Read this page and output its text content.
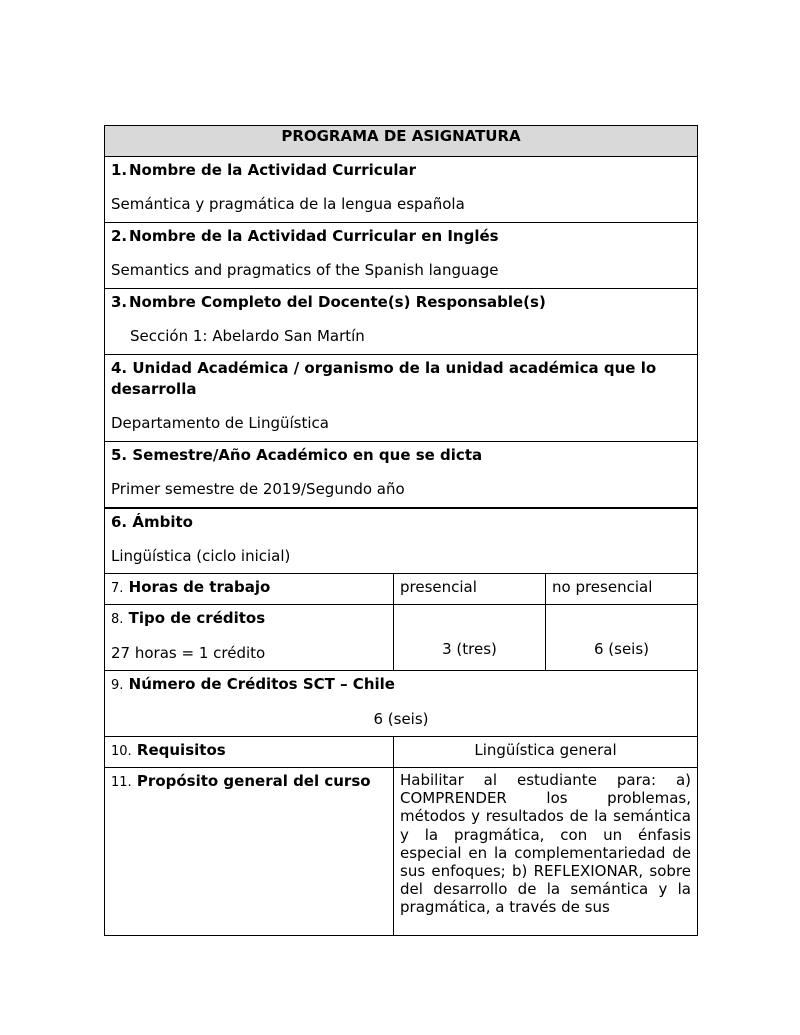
PROGRAMA DE ASIGNATURA		

1. Nombre de la Actividad Curricular
Semántica y pragmática de la lengua española		

2. Nombre de la Actividad Curricular en Inglés
Semantics and pragmatics of the Spanish language		

3. Nombre Completo del Docente(s) Responsable(s)
Sección 1: Abelardo San Martín		

4. Unidad Académica / organismo de la unidad académica que lo desarrolla
Departamento de Lingüística		

5. Semestre/Año Académico en que se dicta
Primer semestre de 2019/Segundo año		

6. Ámbito
Lingüística (ciclo inicial)		

7. Horas de trabajo	presencial	no presencial

8. Tipo de créditos
27 horas = 1 crédito	3 (tres)	6 (seis)

9. Número de Créditos SCT – Chile
6 (seis)		

10. Requisitos	Lingüística general	

11. Propósito general del curso	Habilitar al estudiante para: a) COMPRENDER los problemas, métodos y resultados de la semántica y la pragmática, con un énfasis especial en la complementariedad de sus enfoques; b) REFLEXIONAR, sobre del desarrollo de la semántica y la pragmática, a través de sus	
